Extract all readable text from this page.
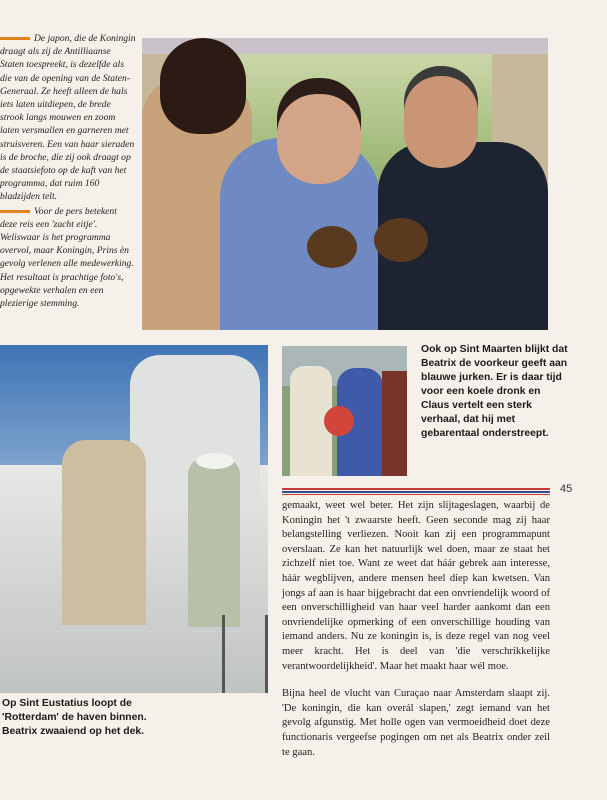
De japon, die de Koningin draagt als zij de Antilliaanse Staten toespreekt, is dezelfde als die van de opening van de Staten-Generaal. Ze heeft alleen de hals iets laten uitdiepen, de brede strook langs mouwen en zoom laten versmallen en garneren met struisveren. Een van haar sieraden is de broche, die zij ook draagt op de staatsiefoto op de kaft van het programma, dat ruim 160 bladzijden telt.

Voor de pers betekent deze reis een 'zacht eitje'. Weliswaar is het programma overvol, maar Koningin, Prins èn gevolg verlenen alle medewerking. Het resultaat is prachtige foto's, opgewekte verhalen en een plezierige stemming.

Ook op Sint Maarten blijkt dat Beatrix de voorkeur geeft aan blauwe jurken. Er is daar tijd voor een koele dronk en Claus vertelt een sterk verhaal, dat hij met gebarentaal onderstreept.
Op Sint Eustatius loopt de 'Rotterdam' de haven binnen. Beatrix zwaaiend op het dek.
45

gemaakt, weet wel beter. Het zijn slijtageslagen, waarbij de Koningin het 't zwaarste heeft. Geen seconde mag zij haar belangstelling verliezen. Nooit kan zij een programmapunt overslaan. Ze kan het natuurlijk wel doen, maar ze staat het zichzelf niet toe. Want ze weet dat háár gebrek aan interesse, háár wegblijven, andere mensen heel diep kan kwetsen. Van jongs af aan is haar bijgebracht dat een onvriendelijk woord of een onverschilligheid van haar veel harder aankomt dan een onvriendelijke opmerking of een onverschillige houding van iemand anders. Nu ze koningin is, is deze regel van nog veel meer kracht. Het is deel van 'die verschrikkelijke verantwoordelijkheid'. Maar het maakt haar wél moe.

Bijna heel de vlucht van Curaçao naar Amsterdam slaapt zij. 'De koningin, die kan overál slapen,' zegt iemand van het gevolg afgunstig. Met holle ogen van vermoeidheid doet deze functionaris vergeefse pogingen om net als Beatrix onder zeil te gaan.
